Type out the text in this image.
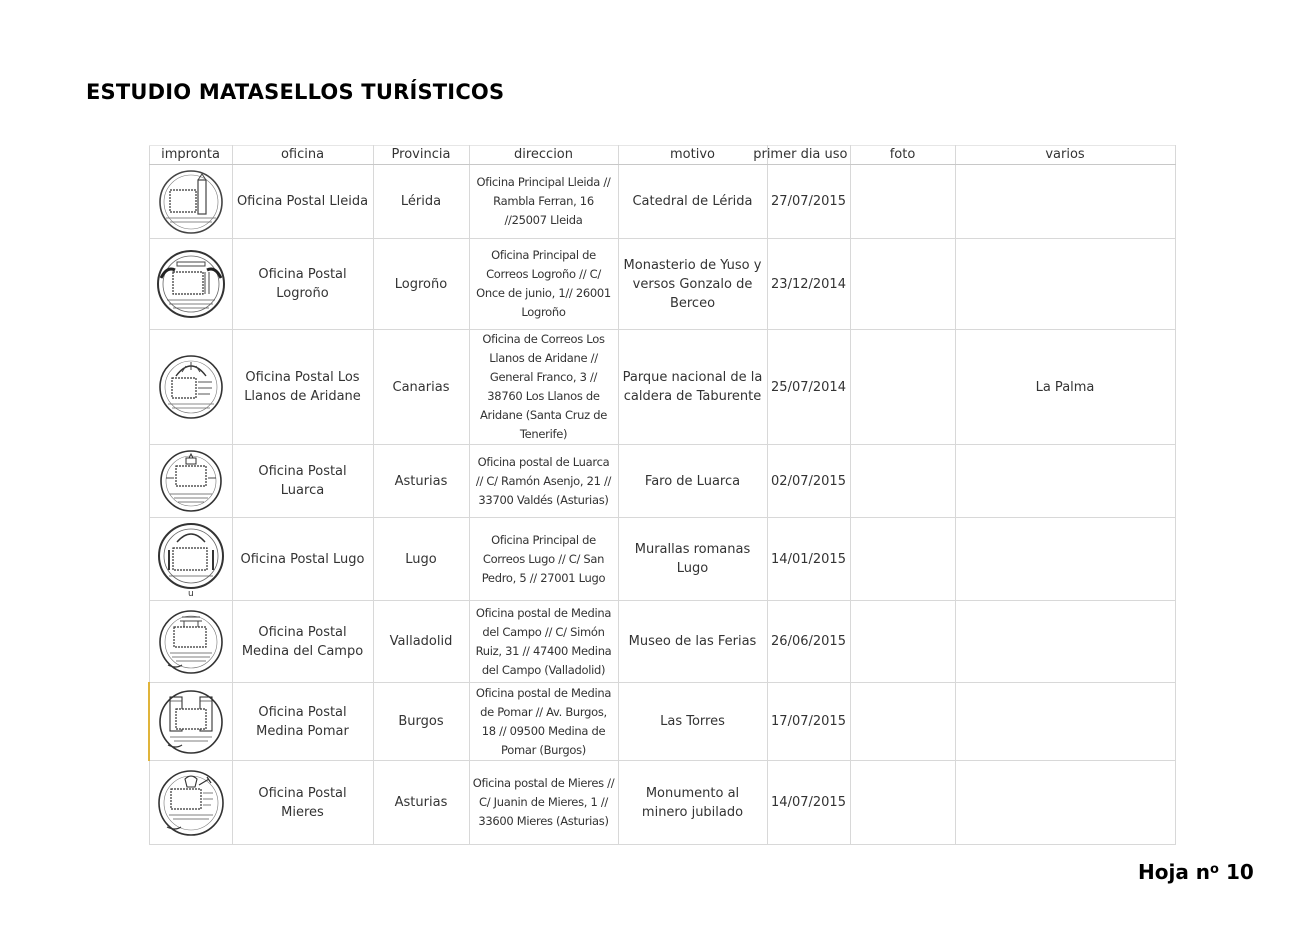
ESTUDIO MATASELLOS TURÍSTICOS
impronta	oficina	Provincia	direccion	motivo	primer dia uso	foto	varios

	Oficina Postal Lleida	Lérida	Oficina Principal Lleida // Rambla Ferran, 16 //25007 Lleida	Catedral de Lérida	27/07/2015		

	Oficina Postal Logroño	Logroño	Oficina Principal de Correos Logroño // C/ Once de junio, 1// 26001 Logroño	Monasterio de Yuso y versos Gonzalo de Berceo	23/12/2014		

	Oficina Postal Los Llanos de Aridane	Canarias	Oficina de Correos Los Llanos de Aridane // General Franco, 3 // 38760 Los Llanos de Aridane (Santa Cruz de Tenerife)	Parque nacional de la caldera de Taburente	25/07/2014		La Palma

	Oficina Postal Luarca	Asturias	Oficina postal de Luarca // C/ Ramón Asenjo, 21 // 33700 Valdés (Asturias)	Faro de Luarca	02/07/2015		

u	Oficina Postal Lugo	Lugo	Oficina Principal de Correos Lugo // C/ San Pedro, 5 // 27001 Lugo	Murallas romanas Lugo	14/01/2015		

	Oficina Postal Medina del Campo	Valladolid	Oficina postal de Medina del Campo // C/ Simón Ruiz, 31 // 47400 Medina del Campo (Valladolid)	Museo de las Ferias	26/06/2015		

	Oficina Postal Medina Pomar	Burgos	Oficina postal de Medina de Pomar // Av. Burgos, 18 // 09500 Medina de Pomar (Burgos)	Las Torres	17/07/2015		

	Oficina Postal Mieres	Asturias	Oficina postal de Mieres // C/ Juanin de Mieres, 1 // 33600 Mieres (Asturias)	Monumento al minero jubilado	14/07/2015		
Hoja $n^o$ 10
